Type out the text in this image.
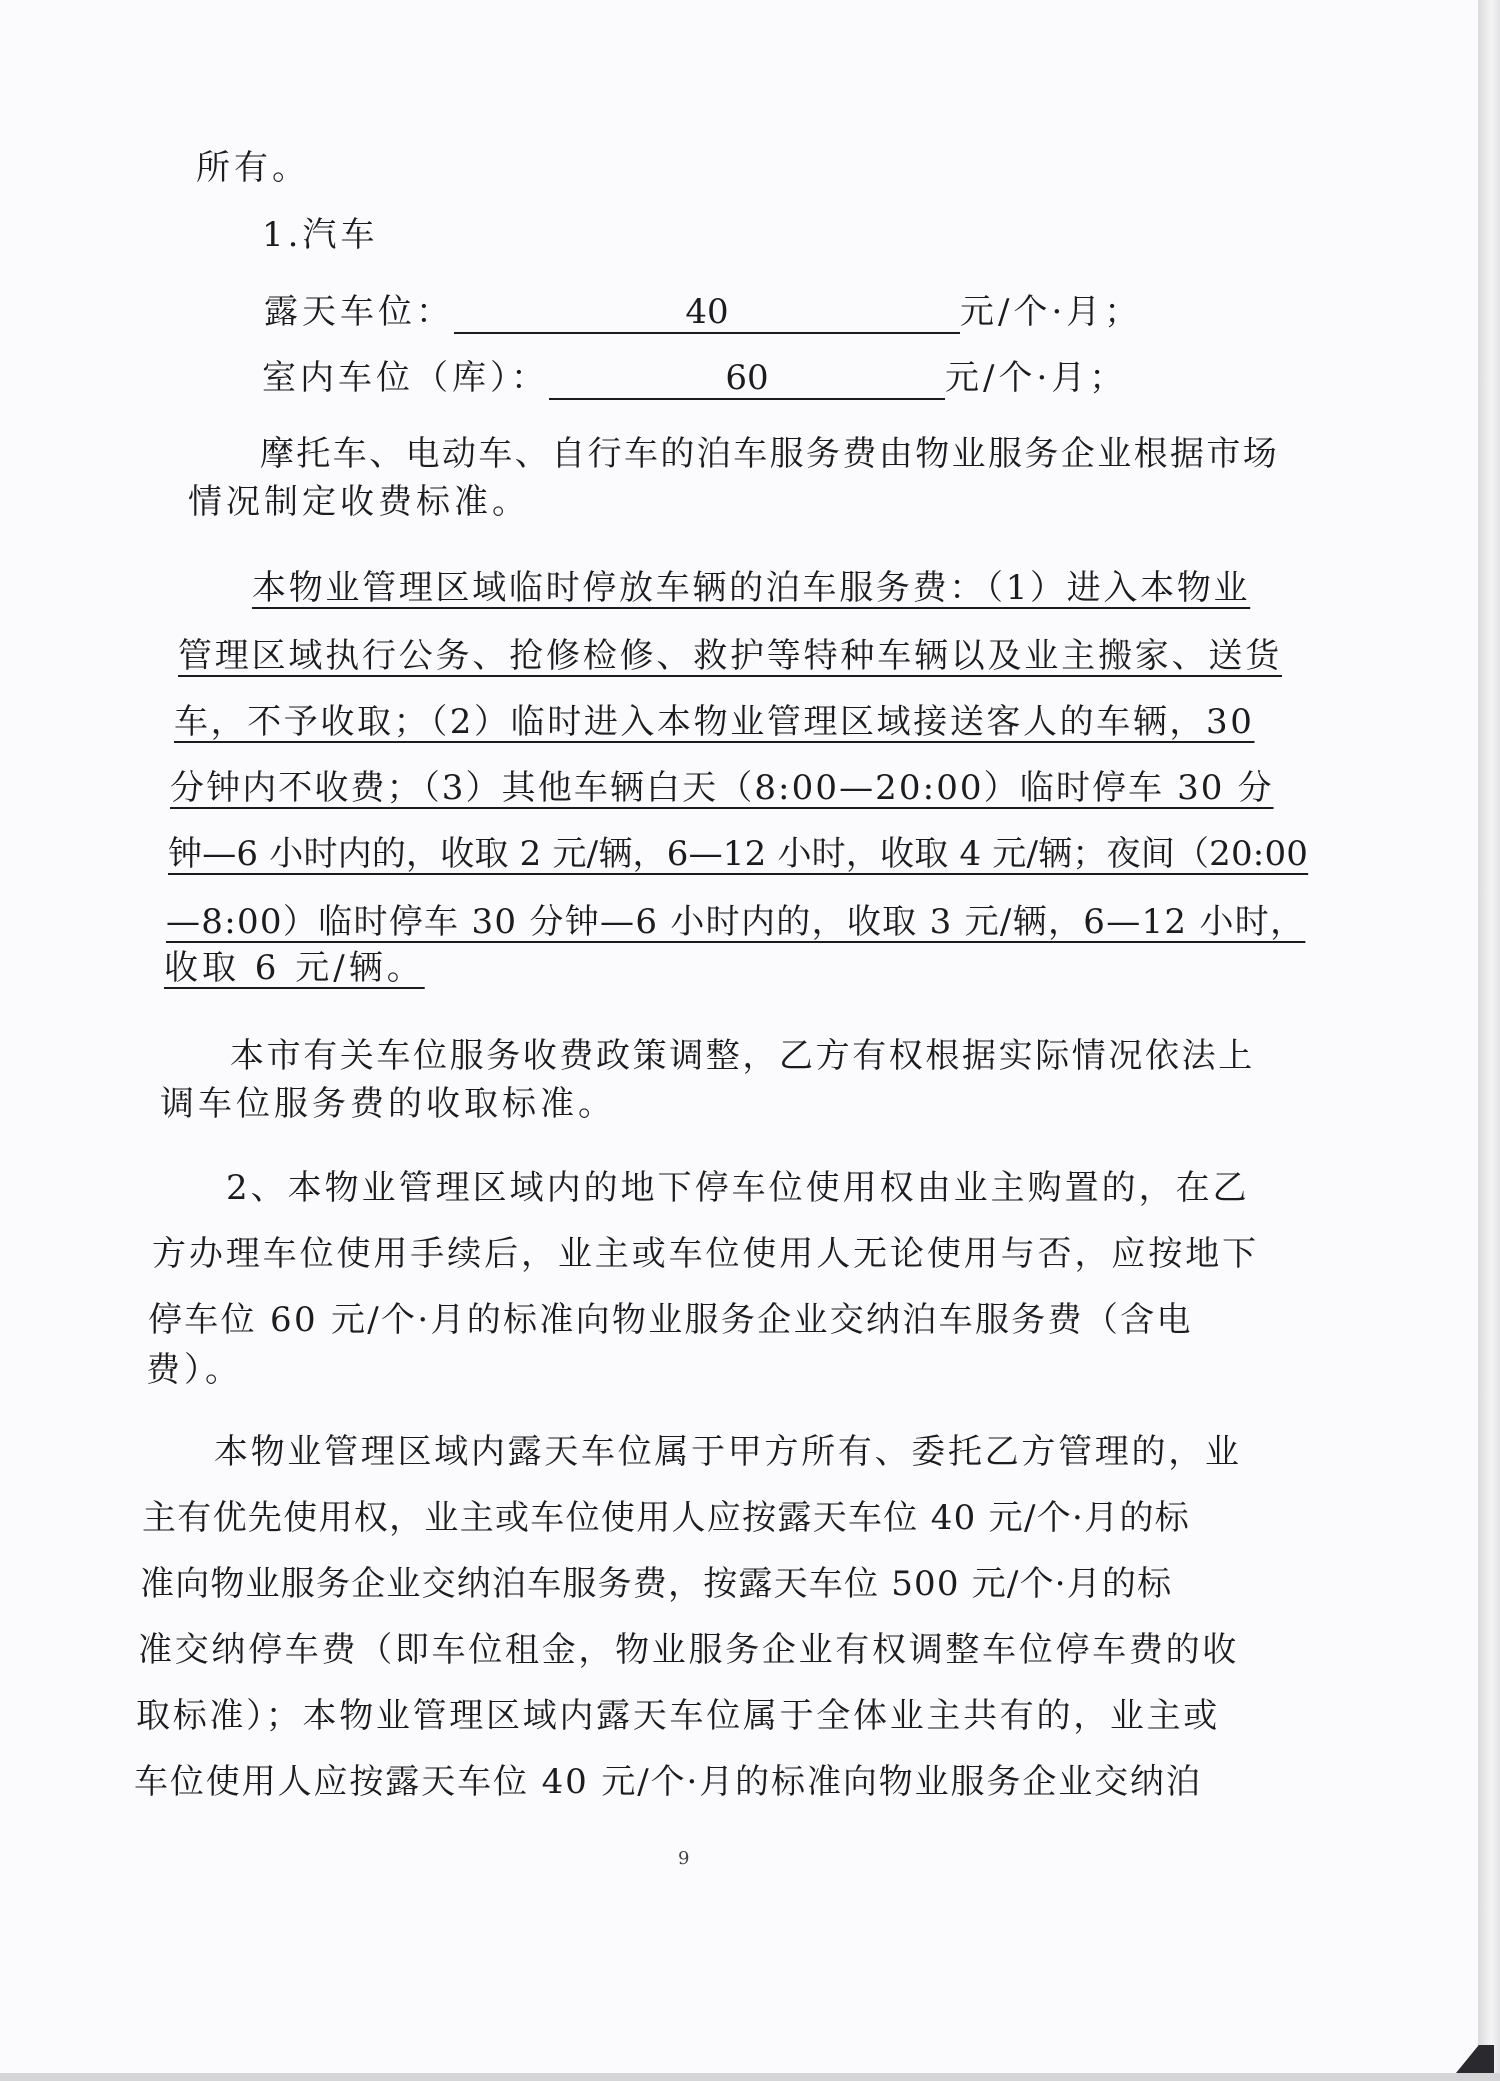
所有。
1.汽车
露天车位：	40	元/个·月；
室内车位（库）：	60	元/个·月；
摩托车、电动车、自行车的泊车服务费由物业服务企业根据市场
情况制定收费标准。
本物业管理区域临时停放车辆的泊车服务费：（1）进入本物业
管理区域执行公务、抢修检修、救护等特种车辆以及业主搬家、送货
车，不予收取；（2）临时进入本物业管理区域接送客人的车辆，30
分钟内不收费；（3）其他车辆白天（8:00—20:00）临时停车 30 分
钟—6 小时内的，收取 2 元/辆，6—12 小时，收取 4 元/辆；夜间（20:00
—8:00）临时停车 30 分钟—6 小时内的，收取 3 元/辆，6—12 小时，
收取 6 元/辆。
本市有关车位服务收费政策调整，乙方有权根据实际情况依法上
调车位服务费的收取标准。
2、本物业管理区域内的地下停车位使用权由业主购置的，在乙
方办理车位使用手续后，业主或车位使用人无论使用与否，应按地下
停车位 60 元/个·月的标准向物业服务企业交纳泊车服务费（含电
费）。
本物业管理区域内露天车位属于甲方所有、委托乙方管理的，业
主有优先使用权，业主或车位使用人应按露天车位 40 元/个·月的标
准向物业服务企业交纳泊车服务费，按露天车位 500 元/个·月的标
准交纳停车费（即车位租金，物业服务企业有权调整车位停车费的收
取标准）；本物业管理区域内露天车位属于全体业主共有的，业主或
车位使用人应按露天车位 40 元/个·月的标准向物业服务企业交纳泊
9
